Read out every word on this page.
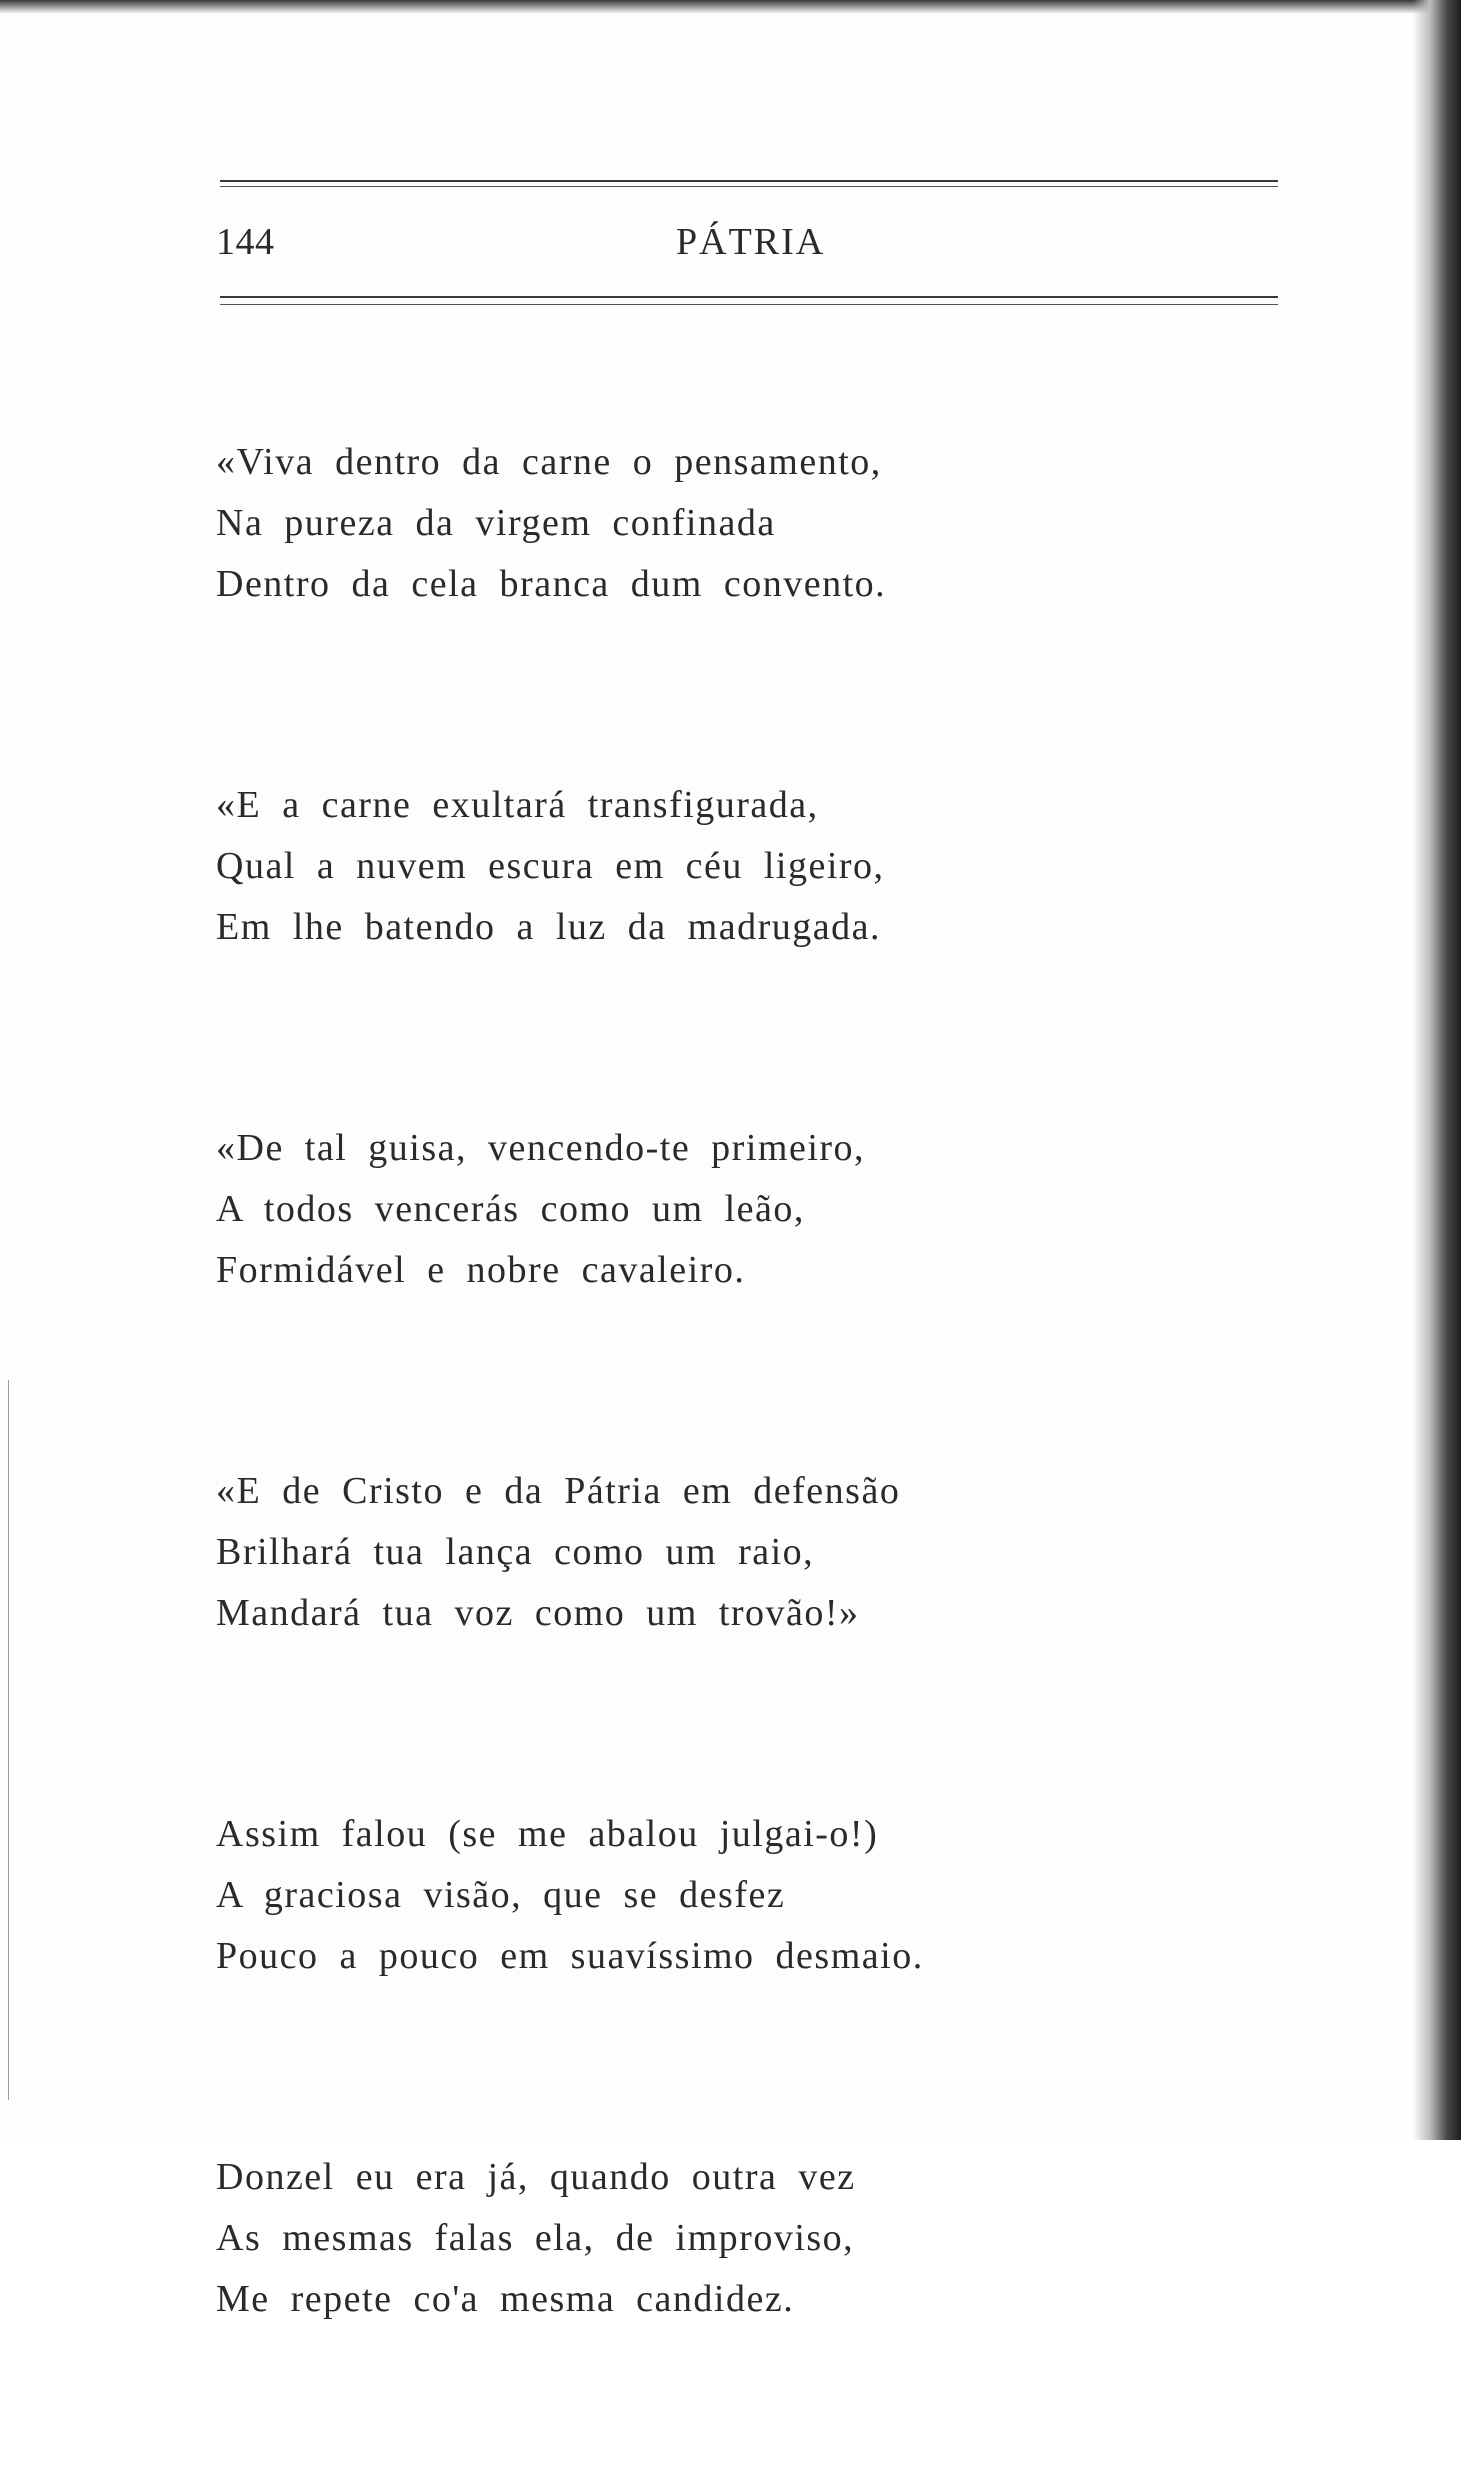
144	PÁTRIA
«Viva dentro da carne o pensamento,
Na pureza da virgem confinada
Dentro da cela branca dum convento.
«E a carne exultará transfigurada,
Qual a nuvem escura em céu ligeiro,
Em lhe batendo a luz da madrugada.
«De tal guisa, vencendo-te primeiro,
A todos vencerás como um leão,
Formidável e nobre cavaleiro.
«E de Cristo e da Pátria em defensão
Brilhará tua lança como um raio,
Mandará tua voz como um trovão!»
Assim falou (se me abalou julgai-o!)
A graciosa visão, que se desfez
Pouco a pouco em suavíssimo desmaio.
Donzel eu era já, quando outra vez
As mesmas falas ela, de improviso,
Me repete co'a mesma candidez.
